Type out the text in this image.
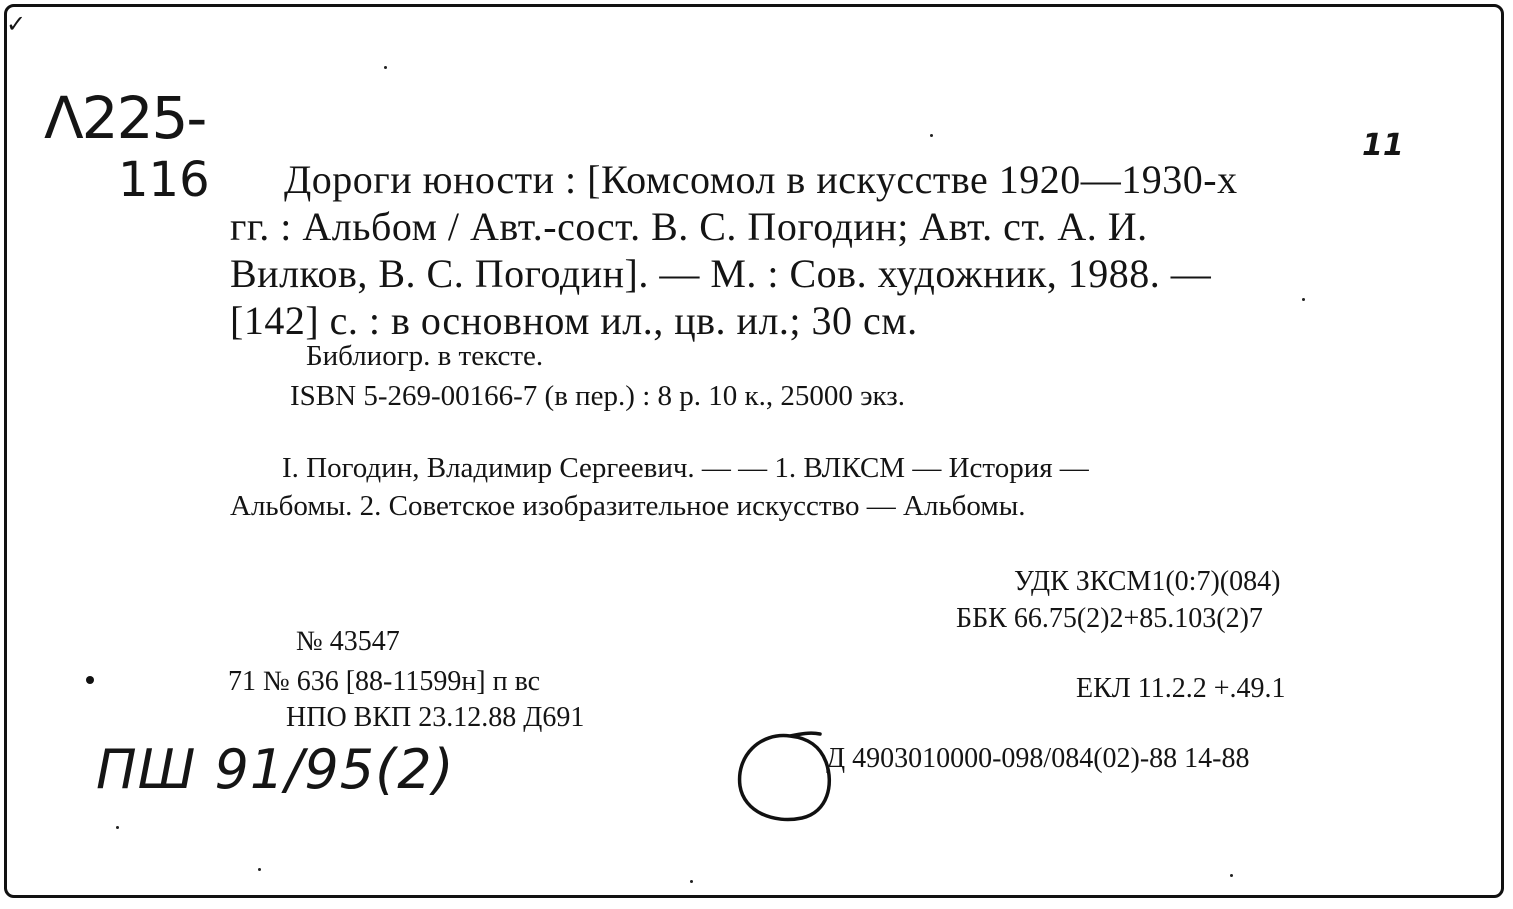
✓
Λ225-
116
11
ПШ 91/95(2)
Дороги юности : [Комсомол в искусстве 1920—1930-х
гг. : Альбом / Авт.-сост. В. С. Погодин; Авт. ст. А. И.
Вилков, В. С. Погодин]. — М. : Сов. художник, 1988. —
[142] с. : в основном ил., цв. ил.; 30 см.
Библиогр. в тексте.
ISBN 5-269-00166-7 (в пер.) : 8 р. 10 к., 25000 экз.
I. Погодин, Владимир Сергеевич. — — 1. ВЛКСМ — История —
Альбомы. 2. Советское изобразительное искусство — Альбомы.
УДК ЗКСМ1(0:7)(084)
ББК 66.75(2)2+85.103(2)7
№ 43547
71 № 636 [88-11599н] п вс
НПО ВКП 23.12.88 Д691
ЕКЛ 11.2.2 +.49.1
Д 4903010000-098/084(02)-88 14-88
